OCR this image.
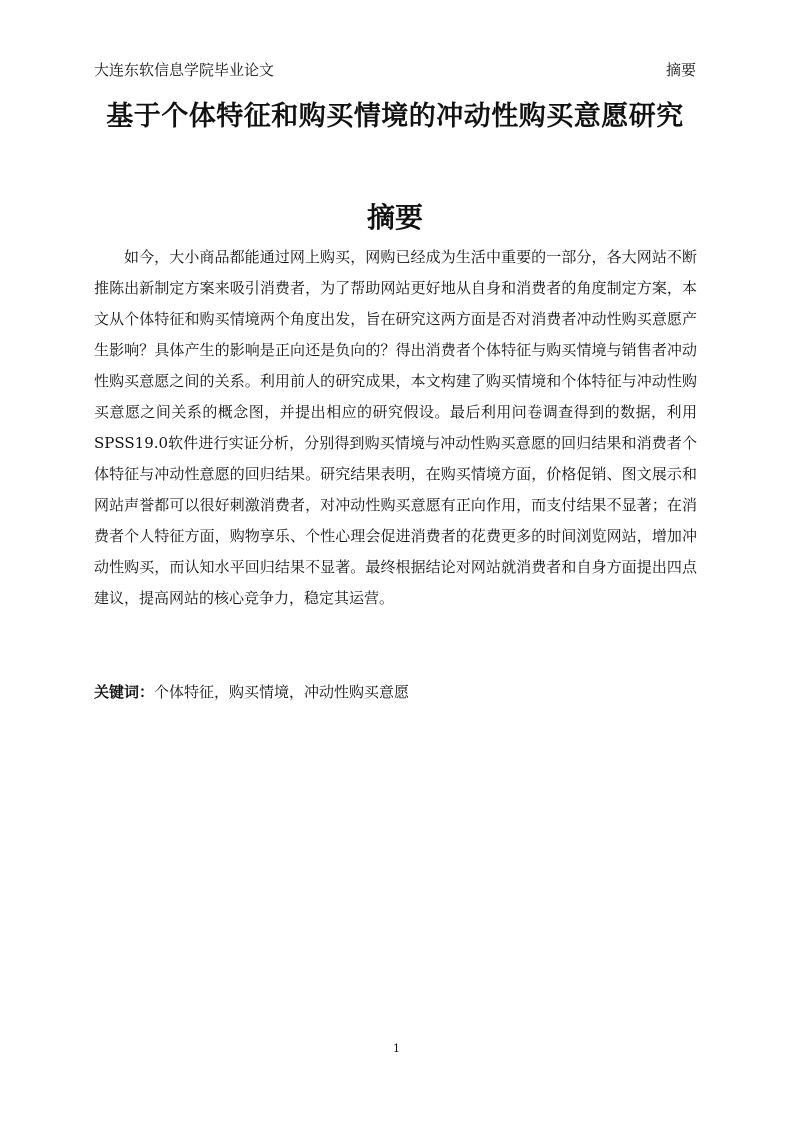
大连东软信息学院毕业论文	摘要
基于个体特征和购买情境的冲动性购买意愿研究
摘要

如今，大小商品都能通过网上购买，网购已经成为生活中重要的一部分，各大网站不断推陈出新制定方案来吸引消费者，为了帮助网站更好地从自身和消费者的角度制定方案，本文从个体特征和购买情境两个角度出发，旨在研究这两方面是否对消费者冲动性购买意愿产生影响？具体产生的影响是正向还是负向的？得出消费者个体特征与购买情境与销售者冲动性购买意愿之间的关系。利用前人的研究成果，本文构建了购买情境和个体特征与冲动性购买意愿之间关系的概念图，并提出相应的研究假设。最后利用问卷调查得到的数据，利用SPSS19.0软件进行实证分析，分别得到购买情境与冲动性购买意愿的回归结果和消费者个体特征与冲动性意愿的回归结果。研究结果表明，在购买情境方面，价格促销、图文展示和网站声誉都可以很好刺激消费者，对冲动性购买意愿有正向作用，而支付结果不显著；在消费者个人特征方面，购物享乐、个性心理会促进消费者的花费更多的时间浏览网站，增加冲动性购买，而认知水平回归结果不显著。最终根据结论对网站就消费者和自身方面提出四点建议，提高网站的核心竞争力，稳定其运营。

关键词：个体特征，购买情境，冲动性购买意愿
1
